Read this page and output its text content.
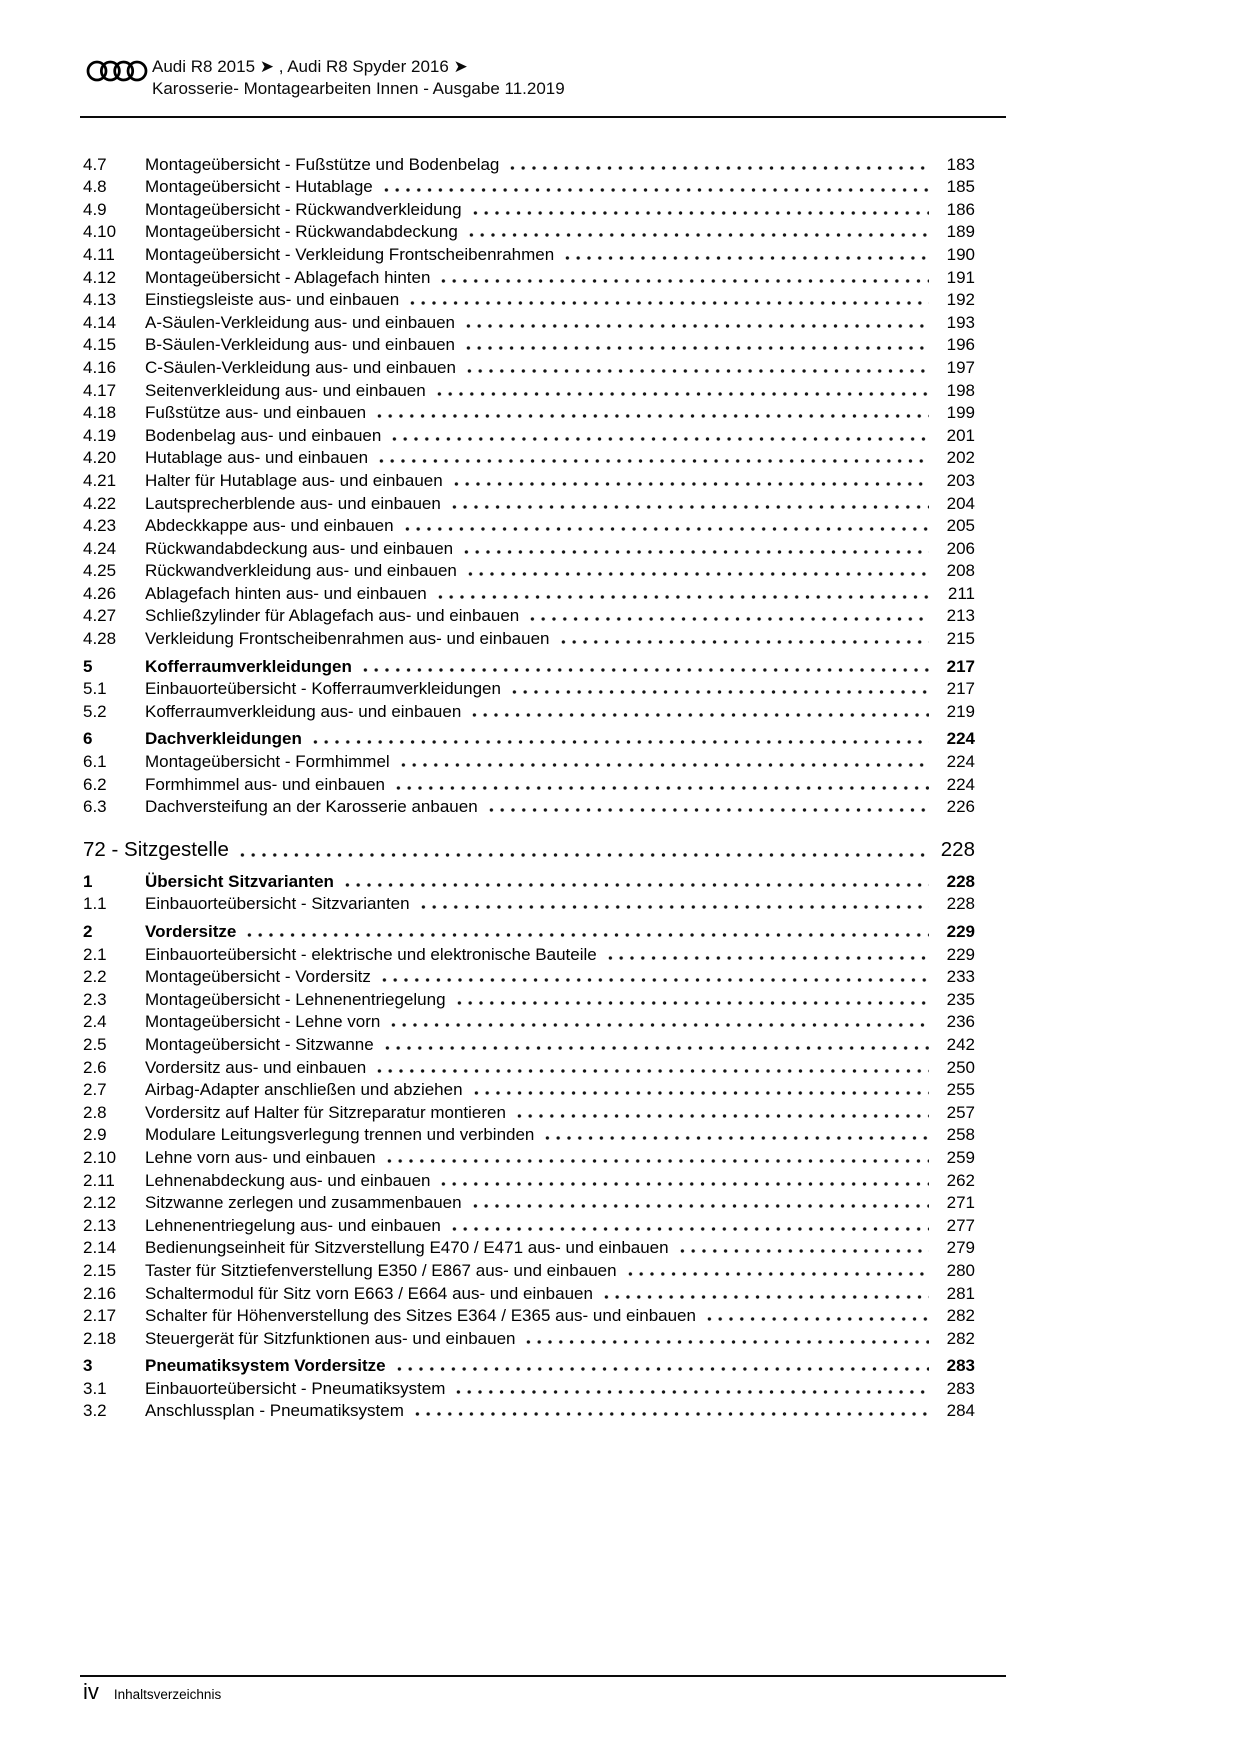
Audi R8 2015 ➤ , Audi R8 Spyder 2016 ➤
Karosserie- Montagearbeiten Innen - Ausgabe 11.2019
4.7	Montageübersicht - Fußstütze und Bodenbelag	183
4.8	Montageübersicht - Hutablage	185
4.9	Montageübersicht - Rückwandverkleidung	186
4.10	Montageübersicht - Rückwandabdeckung	189
4.11	Montageübersicht - Verkleidung Frontscheibenrahmen	190
4.12	Montageübersicht - Ablagefach hinten	191
4.13	Einstiegsleiste aus- und einbauen	192
4.14	A-Säulen-Verkleidung aus- und einbauen	193
4.15	B-Säulen-Verkleidung aus- und einbauen	196
4.16	C-Säulen-Verkleidung aus- und einbauen	197
4.17	Seitenverkleidung aus- und einbauen	198
4.18	Fußstütze aus- und einbauen	199
4.19	Bodenbelag aus- und einbauen	201
4.20	Hutablage aus- und einbauen	202
4.21	Halter für Hutablage aus- und einbauen	203
4.22	Lautsprecherblende aus- und einbauen	204
4.23	Abdeckkappe aus- und einbauen	205
4.24	Rückwandabdeckung aus- und einbauen	206
4.25	Rückwandverkleidung aus- und einbauen	208
4.26	Ablagefach hinten aus- und einbauen	211
4.27	Schließzylinder für Ablagefach aus- und einbauen	213
4.28	Verkleidung Frontscheibenrahmen aus- und einbauen	215
5	Kofferraumverkleidungen	217
5.1	Einbauorteübersicht - Kofferraumverkleidungen	217
5.2	Kofferraumverkleidung aus- und einbauen	219
6	Dachverkleidungen	224
6.1	Montageübersicht - Formhimmel	224
6.2	Formhimmel aus- und einbauen	224
6.3	Dachversteifung an der Karosserie anbauen	226
72 - Sitzgestelle	228
1	Übersicht Sitzvarianten	228
1.1	Einbauorteübersicht - Sitzvarianten	228
2	Vordersitze	229
2.1	Einbauorteübersicht - elektrische und elektronische Bauteile	229
2.2	Montageübersicht - Vordersitz	233
2.3	Montageübersicht - Lehnenentriegelung	235
2.4	Montageübersicht - Lehne vorn	236
2.5	Montageübersicht - Sitzwanne	242
2.6	Vordersitz aus- und einbauen	250
2.7	Airbag-Adapter anschließen und abziehen	255
2.8	Vordersitz auf Halter für Sitzreparatur montieren	257
2.9	Modulare Leitungsverlegung trennen und verbinden	258
2.10	Lehne vorn aus- und einbauen	259
2.11	Lehnenabdeckung aus- und einbauen	262
2.12	Sitzwanne zerlegen und zusammenbauen	271
2.13	Lehnenentriegelung aus- und einbauen	277
2.14	Bedienungseinheit für Sitzverstellung E470 / E471 aus- und einbauen	279
2.15	Taster für Sitztiefenverstellung E350 / E867 aus- und einbauen	280
2.16	Schaltermodul für Sitz vorn E663 / E664 aus- und einbauen	281
2.17	Schalter für Höhenverstellung des Sitzes E364 / E365 aus- und einbauen	282
2.18	Steuergerät für Sitzfunktionen aus- und einbauen	282
3	Pneumatiksystem Vordersitze	283
3.1	Einbauorteübersicht - Pneumatiksystem	283
3.2	Anschlussplan - Pneumatiksystem	284
iv Inhaltsverzeichnis
